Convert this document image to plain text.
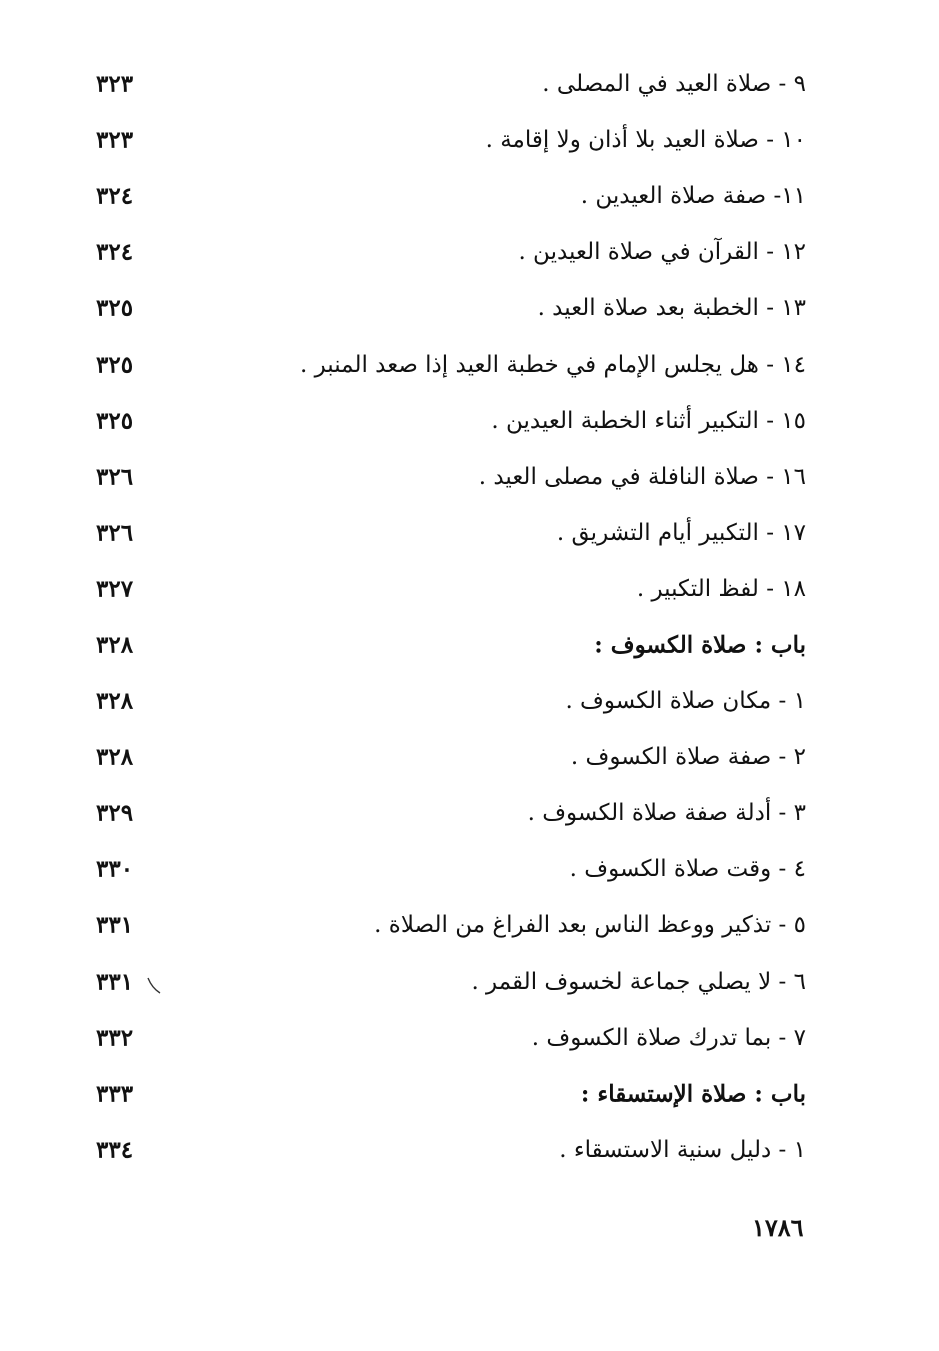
٩ - صلاة العيد في المصلى .
٣٢٣
١٠ - صلاة العيد بلا أذان ولا إقامة .
٣٢٣
١١- صفة صلاة العيدين .
٣٢٤
١٢ - القرآن في صلاة العيدين .
٣٢٤
١٣ - الخطبة بعد صلاة العيد .
٣٢٥
١٤ - هل يجلس الإمام في خطبة العيد إذا صعد المنبر .
٣٢٥
١٥ - التكبير أثناء الخطبة العيدين .
٣٢٥
١٦ - صلاة النافلة في مصلى العيد .
٣٢٦
١٧ - التكبير أيام التشريق .
٣٢٦
١٨ - لفظ التكبير .
٣٢٧
باب : صلاة الكسوف :
٣٢٨
١ - مكان صلاة الكسوف .
٣٢٨
٢ - صفة صلاة الكسوف .
٣٢٨
٣ - أدلة صفة صلاة الكسوف .
٣٢٩
٤ - وقت صلاة الكسوف .
٣٣٠
٥ - تذكير ووعظ الناس بعد الفراغ من الصلاة .
٣٣١
٦ - لا يصلي جماعة لخسوف القمر .
٣٣١
٧ - بما تدرك صلاة الكسوف .
٣٣٢
باب : صلاة الإستسقاء :
٣٣٣
١ - دليل سنية الاستسقاء .
٣٣٤
١٧٨٦
